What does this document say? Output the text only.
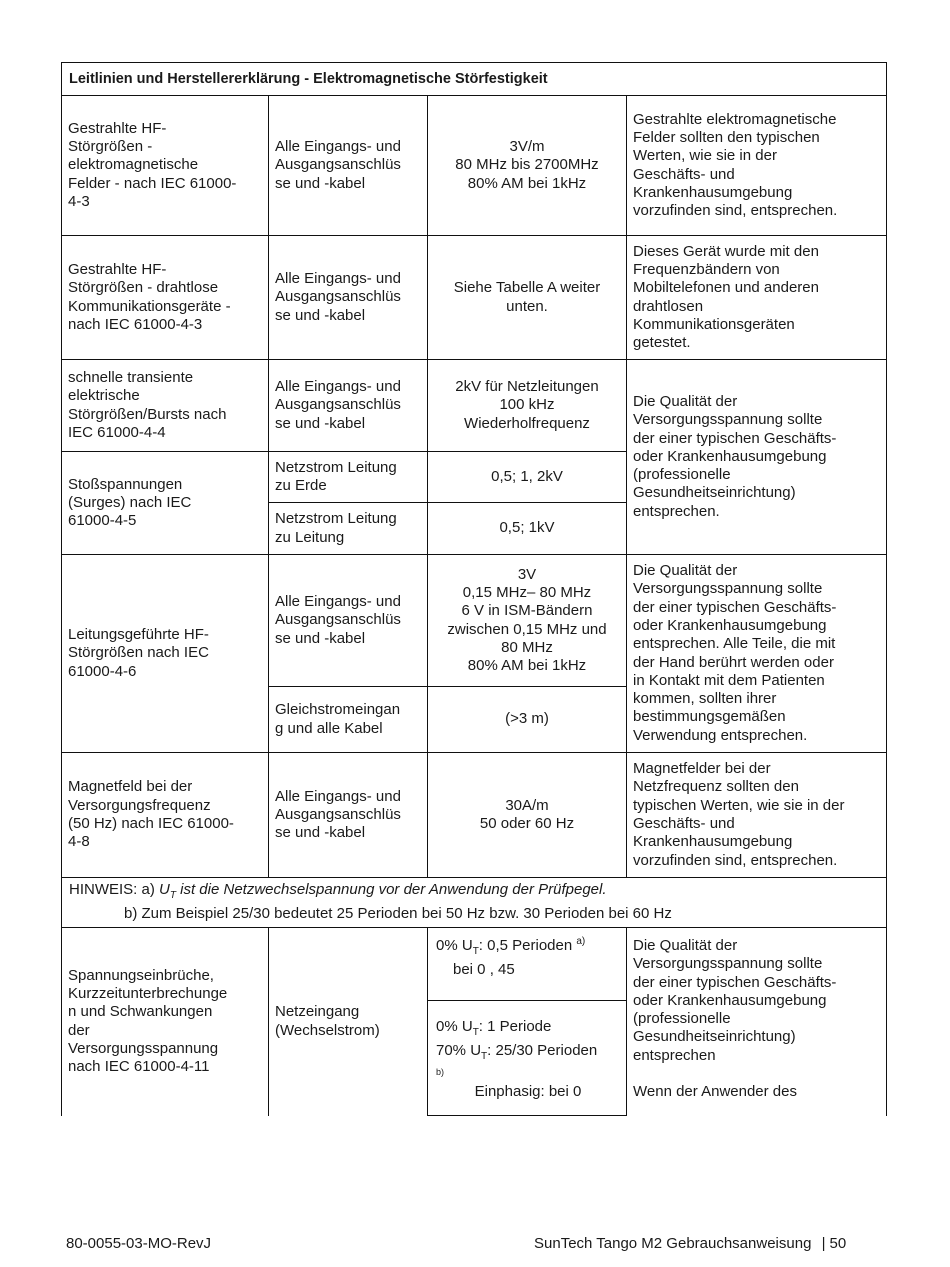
Leitlinien und Herstellererklärung - Elektromagnetische Störfestigkeit
Gestrahlte HF-
Störgrößen -
elektromagnetische
Felder - nach IEC 61000-
4-3
Alle Eingangs- und
Ausgangsanschlüs
se und -kabel
3V/m
80 MHz bis 2700MHz
80% AM bei 1kHz
Gestrahlte elektromagnetische
Felder sollten den typischen
Werten, wie sie in der
Geschäfts- und
Krankenhausumgebung
vorzufinden sind, entsprechen.
Gestrahlte HF-
Störgrößen - drahtlose
Kommunikationsgeräte -
nach IEC 61000-4-3
Alle Eingangs- und
Ausgangsanschlüs
se und -kabel
Siehe Tabelle A weiter
unten.
Dieses Gerät wurde mit den
Frequenzbändern von
Mobiltelefonen und anderen
drahtlosen
Kommunikationsgeräten
getestet.
schnelle transiente
elektrische
Störgrößen/Bursts nach
IEC 61000-4-4
Alle Eingangs- und
Ausgangsanschlüs
se und -kabel
2kV für Netzleitungen
100 kHz
Wiederholfrequenz
Stoßspannungen
(Surges) nach IEC
61000-4-5
Netzstrom Leitung
zu Erde
0,5; 1, 2kV
Netzstrom Leitung
zu Leitung
0,5; 1kV
Die Qualität der
Versorgungsspannung sollte
der einer typischen Geschäfts-
oder Krankenhausumgebung
(professionelle
Gesundheitseinrichtung)
entsprechen.
Leitungsgeführte HF-
Störgrößen nach IEC
61000-4-6
Alle Eingangs- und
Ausgangsanschlüs
se und -kabel
3V
0,15 MHz– 80 MHz
6 V in ISM-Bändern
zwischen 0,15 MHz und
80 MHz
80% AM bei 1kHz
Gleichstromeingan
g und alle Kabel
(>3 m)
Die Qualität der
Versorgungsspannung sollte
der einer typischen Geschäfts-
oder Krankenhausumgebung
entsprechen. Alle Teile, die mit
der Hand berührt werden oder
in Kontakt mit dem Patienten
kommen, sollten ihrer
bestimmungsgemäßen
Verwendung entsprechen.
Magnetfeld bei der
Versorgungsfrequenz
(50 Hz) nach IEC 61000-
4-8
Alle Eingangs- und
Ausgangsanschlüs
se und -kabel
30A/m
50 oder 60 Hz
Magnetfelder bei der
Netzfrequenz sollten den
typischen Werten, wie sie in der
Geschäfts- und
Krankenhausumgebung
vorzufinden sind, entsprechen.
HINWEIS: a) $U_T$ ist die Netzwechselspannung vor der Anwendung der Prüfpegel.
b) Zum Beispiel 25/30 bedeutet 25 Perioden bei 50 Hz bzw. 30 Perioden bei 60 Hz
Spannungseinbrüche,
Kurzzeitunterbrechunge
n und Schwankungen
der
Versorgungsspannung
nach IEC 61000-4-11
Netzeingang
(Wechselstrom)
0% $U_T$: 0,5 Perioden $^{a)}$
bei 0 , 45
0% $U_T$: 1 Periode
70% $U_T$: 25/30 Perioden
b)
Einphasig: bei 0
Die Qualität der
Versorgungsspannung sollte
der einer typischen Geschäfts-
oder Krankenhausumgebung
(professionelle
Gesundheitseinrichtung)
entsprechen

Wenn der Anwender des
80-0055-03-MO-RevJ	SunTech Tango M2 Gebrauchsanweisung | 50
